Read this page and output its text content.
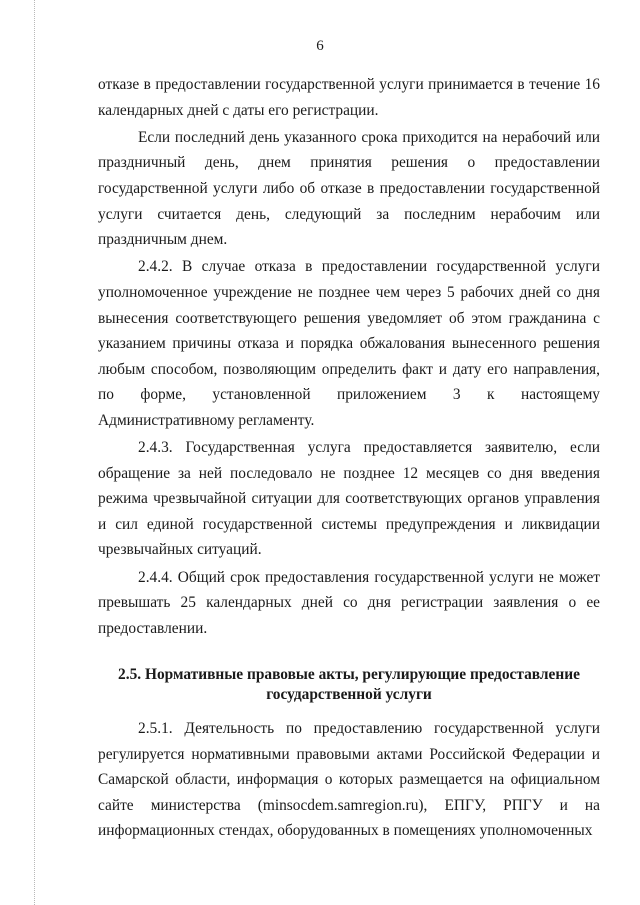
6

отказе в предоставлении государственной услуги принимается в течение 16 календарных дней с даты его регистрации.

Если последний день указанного срока приходится на нерабочий или праздничный день, днем принятия решения о предоставлении государственной услуги либо об отказе в предоставлении государственной услуги считается день, следующий за последним нерабочим или праздничным днем.

2.4.2. В случае отказа в предоставлении государственной услуги уполномоченное учреждение не позднее чем через 5 рабочих дней со дня вынесения соответствующего решения уведомляет об этом гражданина с указанием причины отказа и порядка обжалования вынесенного решения любым способом, позволяющим определить факт и дату его направления, по форме, установленной приложением 3 к настоящему Административному регламенту.

2.4.3. Государственная услуга предоставляется заявителю, если обращение за ней последовало не позднее 12 месяцев со дня введения режима чрезвычайной ситуации для соответствующих органов управления и сил единой государственной системы предупреждения и ликвидации чрезвычайных ситуаций.

2.4.4. Общий срок предоставления государственной услуги не может превышать 25 календарных дней со дня регистрации заявления о ее предоставлении.

2.5. Нормативные правовые акты, регулирующие предоставление
государственной услуги

2.5.1. Деятельность по предоставлению государственной услуги регулируется нормативными правовыми актами Российской Федерации и Самарской области, информация о которых размещается на официальном сайте министерства (minsocdem.samregion.ru), ЕПГУ, РПГУ и на информационных стендах, оборудованных в помещениях уполномоченных
